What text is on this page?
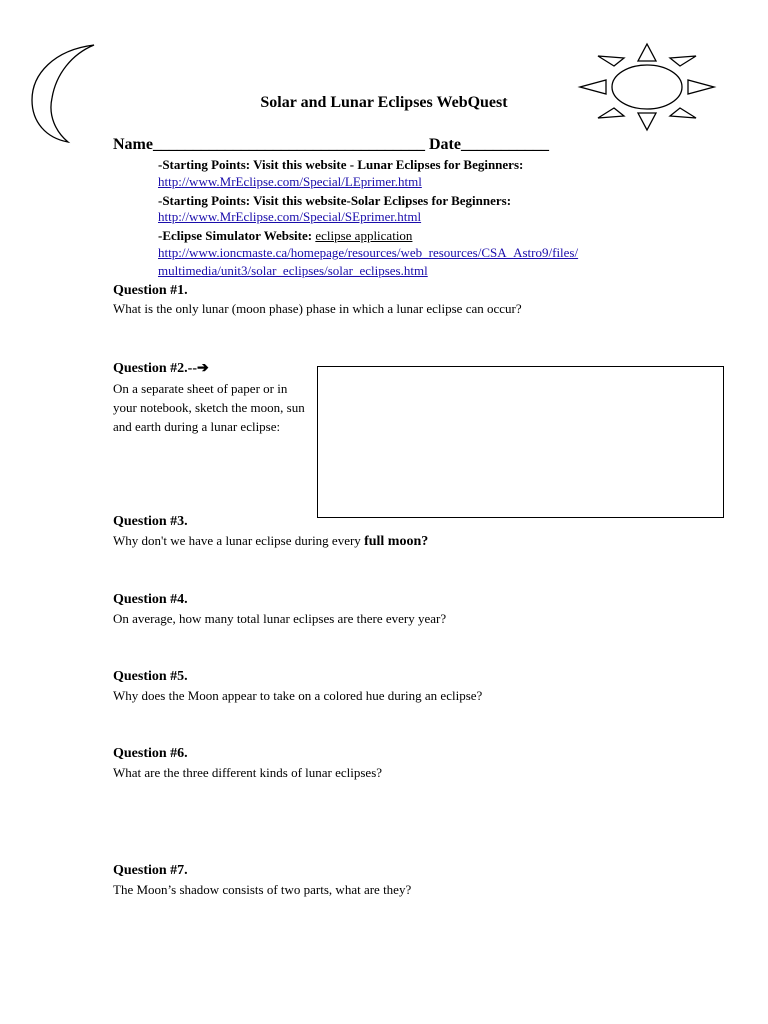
Solar and Lunar Eclipses WebQuest
Name__________________________________ Date___________
-Starting Points: Visit this website - Lunar Eclipses for Beginners:
http://www.MrEclipse.com/Special/LEprimer.html
-Starting Points: Visit this website-Solar Eclipses for Beginners:
http://www.MrEclipse.com/Special/SEprimer.html
-Eclipse Simulator Website: eclipse application
http://www.ioncmaste.ca/homepage/resources/web_resources/CSA_Astro9/files/
multimedia/unit3/solar_eclipses/solar_eclipses.html
Question #1.
What is the only lunar (moon phase) phase in which a lunar eclipse can occur?
Question #2.--➔
On a separate sheet of paper or in your notebook, sketch the moon, sun and earth during a lunar eclipse:
Question #3.
Why don't we have a lunar eclipse during every full moon?
Question #4.
On average, how many total lunar eclipses are there every year?
Question #5.
Why does the Moon appear to take on a colored hue during an eclipse?
Question #6.
What are the three different kinds of lunar eclipses?
Question #7.
The Moon’s shadow consists of two parts, what are they?
